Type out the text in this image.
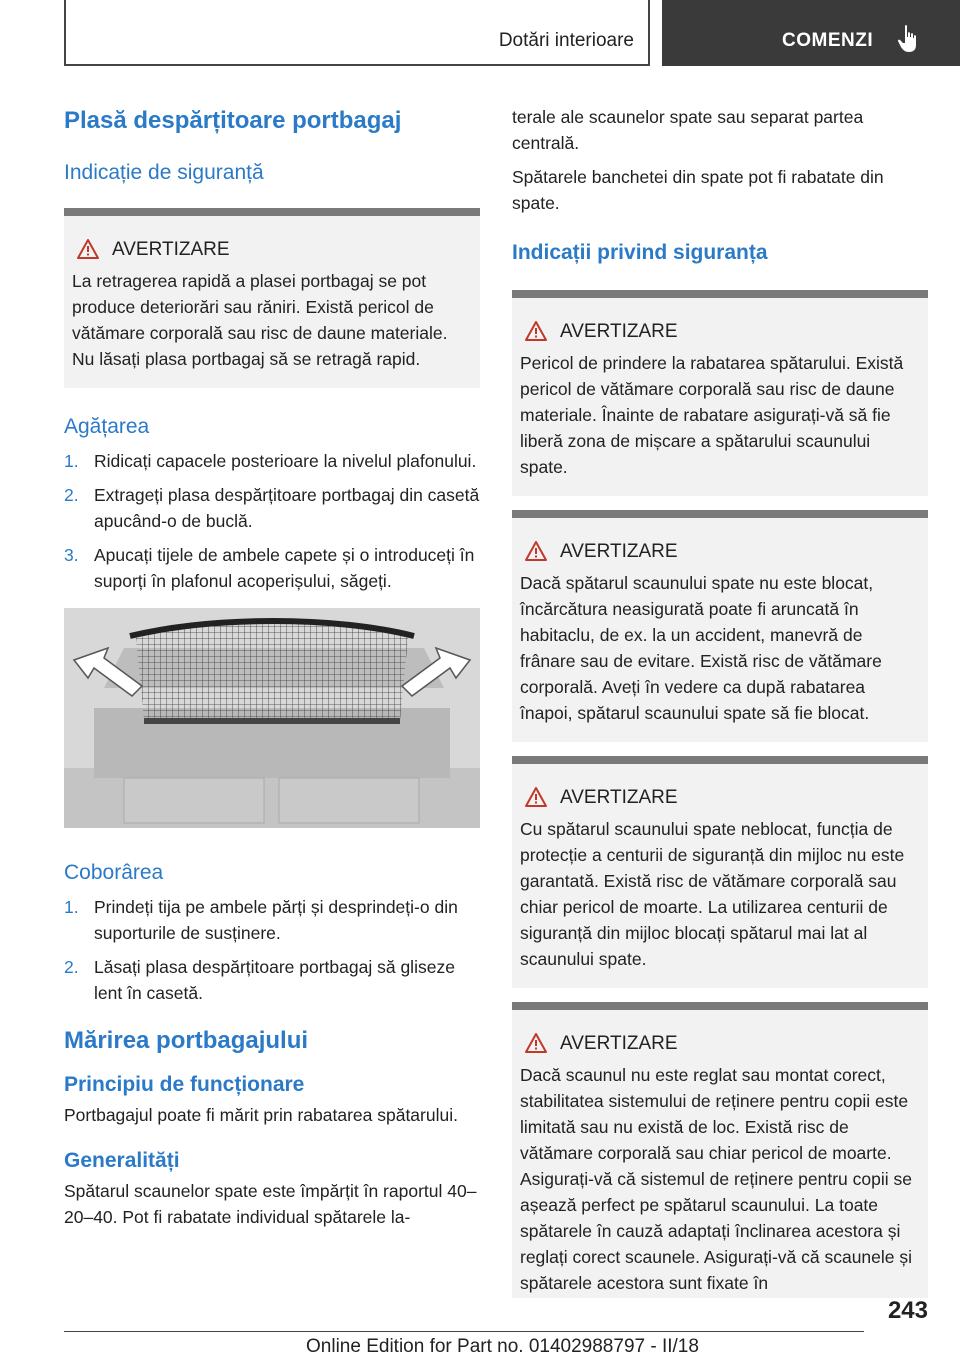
Dotări interioare	COMENZI
Plasă despărțitoare portbagaj
Indicație de siguranță
AVERTIZARE

La retragerea rapidă a plasei portbagaj se pot produce deteriorări sau răniri. Există pericol de vătămare corporală sau risc de daune materiale. Nu lăsați plasa portbagaj să se retragă rapid.

Agățarea
1. Ridicați capacele posterioare la nivelul plafonului.
2. Extrageți plasa despărțitoare portbagaj din casetă apucând-o de buclă.
3. Apucați tijele de ambele capete și o introduceți în suporți în plafonul acoperișului, săgeți.
Coborârea
1. Prindeți tija pe ambele părți și desprindeți-o din suporturile de susținere.
2. Lăsați plasa despărțitoare portbagaj să gliseze lent în casetă.
Mărirea portbagajului
Principiu de funcționare

Portbagajul poate fi mărit prin rabatarea spătarului.

Generalități

Spătarul scaunelor spate este împărțit în raportul 40–20–40. Pot fi rabatate individual spătarele la-

terale ale scaunelor spate sau separat partea centrală.

Spătarele banchetei din spate pot fi rabatate din spate.

Indicații privind siguranța
AVERTIZARE

Pericol de prindere la rabatarea spătarului. Există pericol de vătămare corporală sau risc de daune materiale. Înainte de rabatare asigurați-vă să fie liberă zona de mișcare a spătarului scaunului spate.

AVERTIZARE

Dacă spătarul scaunului spate nu este blocat, încărcătura neasigurată poate fi aruncată în habitaclu, de ex. la un accident, manevră de frânare sau de evitare. Există risc de vătămare corporală. Aveți în vedere ca după rabatarea înapoi, spătarul scaunului spate să fie blocat.

AVERTIZARE

Cu spătarul scaunului spate neblocat, funcția de protecție a centurii de siguranță din mijloc nu este garantată. Există risc de vătămare corporală sau chiar pericol de moarte. La utilizarea centurii de siguranță din mijloc blocați spătarul mai lat al scaunului spate.

AVERTIZARE

Dacă scaunul nu este reglat sau montat corect, stabilitatea sistemului de reținere pentru copii este limitată sau nu există de loc. Există risc de vătămare corporală sau chiar pericol de moarte. Asigurați-vă că sistemul de reținere pentru copii se așează perfect pe spătarul scaunului. La toate spătarele în cauză adaptați înclinarea acestora și reglați corect scaunele. Asigurați-vă că scaunele și spătarele acestora sunt fixate în

243
Online Edition for Part no. 01402988797 - II/18
